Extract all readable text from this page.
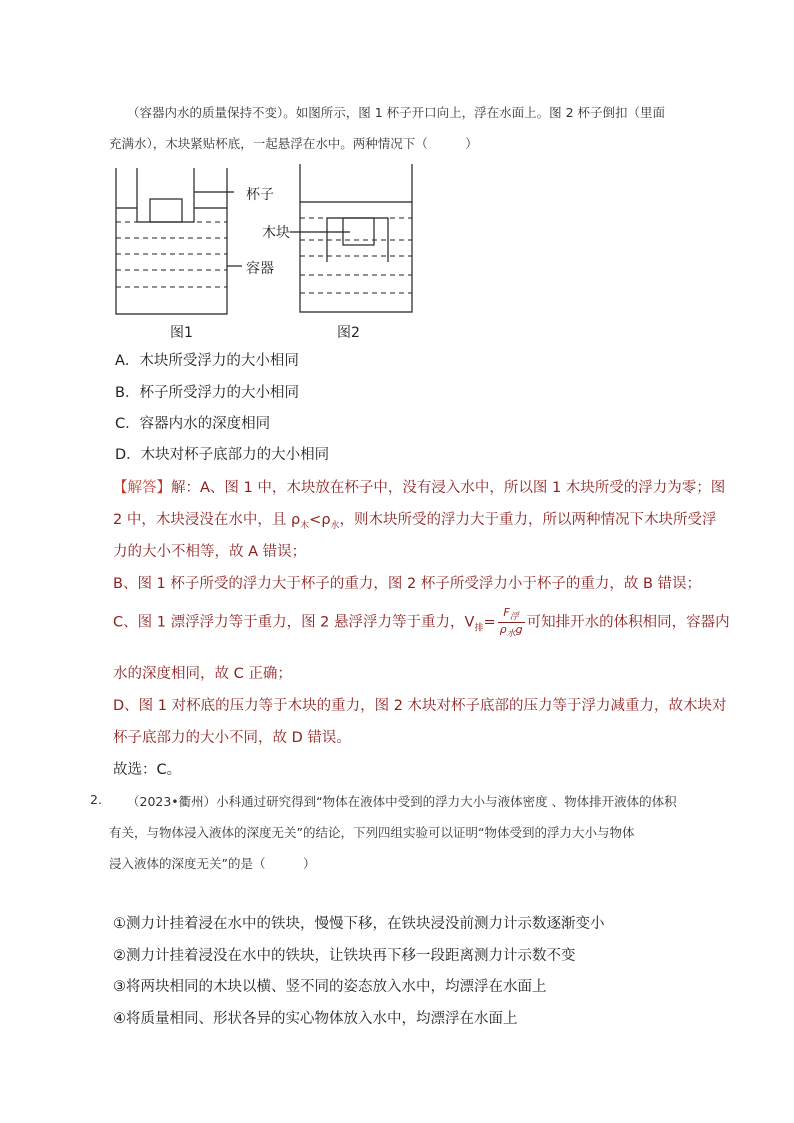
（容器内水的质量保持不变）。如图所示，图 1 杯子开口向上，浮在水面上。图 2 杯子倒扣（里面
充满水），木块紧贴杯底，一起悬浮在水中。两种情况下（　　　）
杯子
容器
木块
图1	图2
A．木块所受浮力的大小相同
B．杯子所受浮力的大小相同
C．容器内水的深度相同
D．木块对杯子底部力的大小相同
【解答】解：A、图 1 中，木块放在杯子中，没有浸入水中，所以图 1 木块所受的浮力为零；图
2 中，木块浸没在水中，且 $\rho_木<\rho_水$，则木块所受的浮力大于重力，所以两种情况下木块所受浮
力的大小不相等，故 A 错误；
B、图 1 杯子所受的浮力大于杯子的重力，图 2 杯子所受浮力小于杯子的重力，故 B 错误；
C、图 1 漂浮浮力等于重力，图 2 悬浮浮力等于重力，$V_排= \frac{F_浮}{\rho_水g}$ 可知排开水的体积相同，容器内
水的深度相同，故 C 正确；
D、图 1 对杯底的压力等于木块的重力，图 2 木块对杯子底部的压力等于浮力减重力，故木块对
杯子底部力的大小不同，故 D 错误。
故选：C。
2. （2023•衢州）小科通过研究得到“物体在液体中受到的浮力大小与液体密度 、物体排开液体的体积
有关，与物体浸入液体的深度无关”的结论，下列四组实验可以证明“物体受到的浮力大小与物体
浸入液体的深度无关”的是（　　　）
①测力计挂着浸在水中的铁块，慢慢下移，在铁块浸没前测力计示数逐渐变小
②测力计挂着浸没在水中的铁块，让铁块再下移一段距离测力计示数不变
③将两块相同的木块以横、竖不同的姿态放入水中，均漂浮在水面上
④将质量相同、形状各异的实心物体放入水中，均漂浮在水面上
